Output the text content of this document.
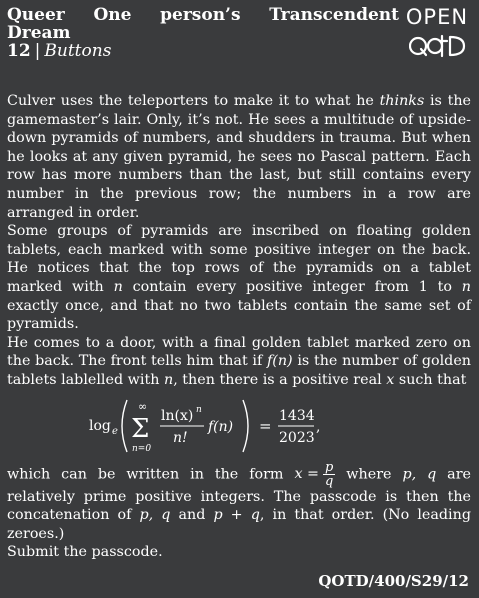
Queer One person’s Transcendent
Dream
12 | Buttons
OPEN

Culver uses the teleporters to make it to what he thinks is the gamemaster’s lair. Only, it’s not. He sees a multitude of upside-down pyramids of numbers, and shudders in trauma. But when he looks at any given pyramid, he sees no Pascal pattern. Each row has more numbers than the last, but still contains every number in the previous row; the numbers in a row are arranged in order.

Some groups of pyramids are inscribed on floating golden tablets, each marked with some positive integer on the back. He notices that the top rows of the pyramids on a tablet marked with n contain every positive integer from 1 to n exactly once, and that no two tablets contain the same set of pyramids.

He comes to a door, with a final golden tablet marked zero on the back. The front tells him that if f(n) is the number of golden tablets lablelled with n, then there is a positive real x such that

log e
∞
Σ
n=0
ln(x) n
n!
f(n) =
1434
2023
,

which can be written in the form $x = \frac{p}{q}$ where p, q are relatively prime positive integers. The passcode is then the concatenation of p, q and p + q, in that order. (No leading zeroes.)

Submit the passcode.

QOTD/400/S29/12
